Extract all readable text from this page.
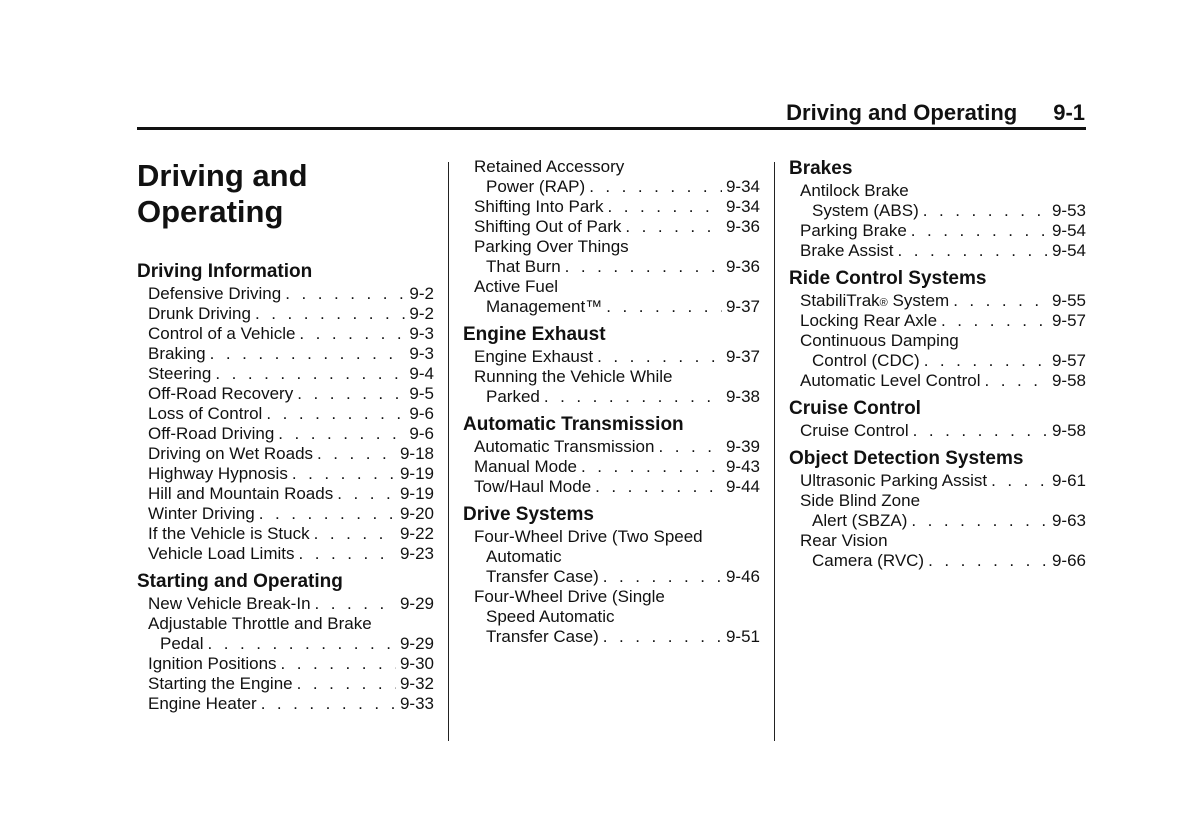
Driving and Operating 9-1
Driving and Operating
Driving Information
Defensive Driving . . .	9-2
Drunk Driving . . .	9-2
Control of a Vehicle . . .	9-3
Braking . . .	9-3
Steering . . .	9-4
Off-Road Recovery . . .	9-5
Loss of Control . . .	9-6
Off-Road Driving . . .	9-6
Driving on Wet Roads . . .	9-18
Highway Hypnosis . . .	9-19
Hill and Mountain Roads . . .	9-19
Winter Driving . . .	9-20
If the Vehicle is Stuck . . .	9-22
Vehicle Load Limits . . .	9-23
Starting and Operating
New Vehicle Break-In . . .	9-29
Adjustable Throttle and Brake
Pedal . . .	9-29
Ignition Positions . . .	9-30
Starting the Engine . . .	9-32
Engine Heater . . .	9-33
Retained Accessory
Power (RAP) . . .	9-34
Shifting Into Park . . .	9-34
Shifting Out of Park . . .	9-36
Parking Over Things
That Burn . . .	9-36
Active Fuel
Management™ . . .	9-37
Engine Exhaust
Engine Exhaust . . .	9-37
Running the Vehicle While
Parked . . .	9-38
Automatic Transmission
Automatic Transmission . . .	9-39
Manual Mode . . .	9-43
Tow/Haul Mode . . .	9-44
Drive Systems
Four-Wheel Drive (Two Speed
Automatic
Transfer Case) . . .	9-46
Four-Wheel Drive (Single
Speed Automatic
Transfer Case) . . .	9-51
Brakes
Antilock Brake
System (ABS) . . .	9-53
Parking Brake . . .	9-54
Brake Assist . . .	9-54
Ride Control Systems
StabiliTrak ® System . . .	9-55
Locking Rear Axle . . .	9-57
Continuous Damping
Control (CDC) . . .	9-57
Automatic Level Control . . .	9-58
Cruise Control
Cruise Control . . .	9-58
Object Detection Systems
Ultrasonic Parking Assist . . .	9-61
Side Blind Zone
Alert (SBZA) . . .	9-63
Rear Vision
Camera (RVC) . . .	9-66
